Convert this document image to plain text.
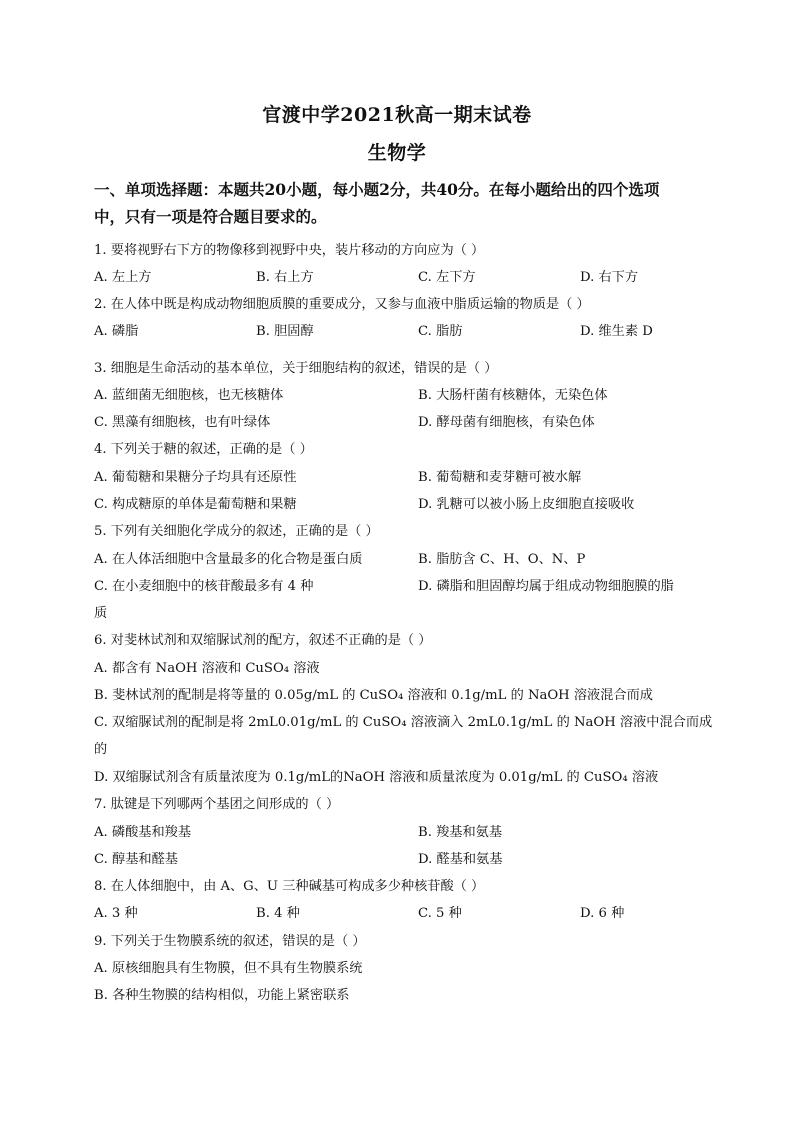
官渡中学2021秋高一期末试卷
生物学
一、单项选择题：本题共20小题，每小题2分，共40分。在每小题给出的四个选项
中，只有一项是符合题目要求的。
1. 要将视野右下方的物像移到视野中央，装片移动的方向应为（ ）
A. 左上方	B. 右上方	C. 左下方	D. 右下方
2. 在人体中既是构成动物细胞质膜的重要成分，又参与血液中脂质运输的物质是（ ）
A. 磷脂	B. 胆固醇	C. 脂肪	D. 维生素 D
3. 细胞是生命活动的基本单位，关于细胞结构的叙述，错误的是（ ）
A. 蓝细菌无细胞核，也无核糖体	B. 大肠杆菌有核糖体，无染色体
C. 黑藻有细胞核，也有叶绿体	D. 酵母菌有细胞核，有染色体
4. 下列关于糖的叙述，正确的是（ ）
A. 葡萄糖和果糖分子均具有还原性	B. 葡萄糖和麦芽糖可被水解
C. 构成糖原的单体是葡萄糖和果糖	D. 乳糖可以被小肠上皮细胞直接吸收
5. 下列有关细胞化学成分的叙述，正确的是（ ）
A. 在人体活细胞中含量最多的化合物是蛋白质	B. 脂肪含 C、H、O、N、P
C. 在小麦细胞中的核苷酸最多有 4 种	D. 磷脂和胆固醇均属于组成动物细胞膜的脂
质
6. 对斐林试剂和双缩脲试剂的配方，叙述不正确的是（ ）
A. 都含有 NaOH 溶液和 CuSO₄ 溶液
B. 斐林试剂的配制是将等量的 0.05g/mL 的 CuSO₄ 溶液和 0.1g/mL 的 NaOH 溶液混合而成
C. 双缩脲试剂的配制是将 2mL0.01g/mL 的 CuSO₄ 溶液滴入 2mL0.1g/mL 的 NaOH 溶液中混合而成
的
D. 双缩脲试剂含有质量浓度为 0.1g/mL的NaOH 溶液和质量浓度为 0.01g/mL 的 CuSO₄ 溶液
7. 肽键是下列哪两个基团之间形成的（ ）
A. 磷酸基和羧基	B. 羧基和氨基
C. 醇基和醛基	D. 醛基和氨基
8. 在人体细胞中，由 A、G、U 三种碱基可构成多少种核苷酸（ ）
A. 3 种	B. 4 种	C. 5 种	D. 6 种
9. 下列关于生物膜系统的叙述，错误的是（ ）
A. 原核细胞具有生物膜，但不具有生物膜系统
B. 各种生物膜的结构相似，功能上紧密联系
